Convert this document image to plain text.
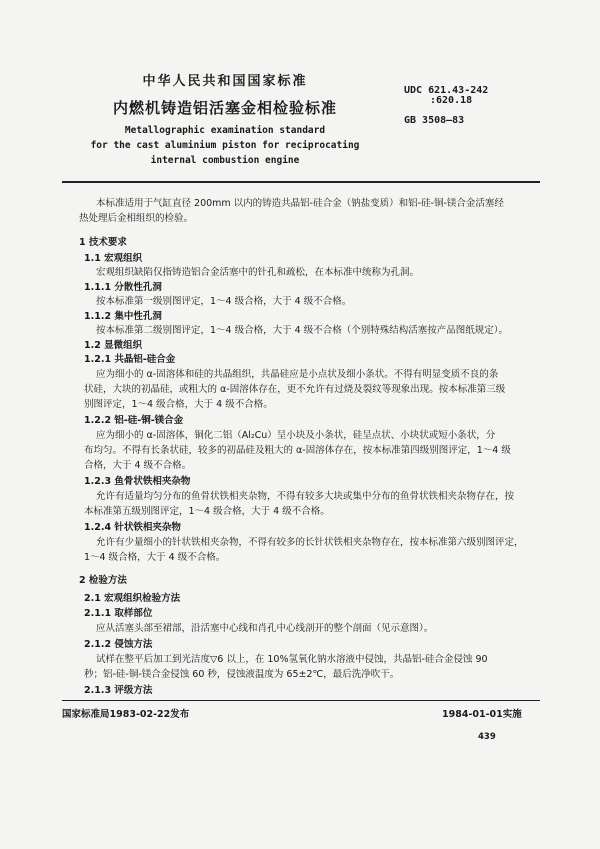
中华人民共和国国家标准
内燃机铸造铝活塞金相检验标准
Metallographic examination standard
for the cast aluminium piston for reciprocating
internal combustion engine
UDC 621.43-242
:620.18
GB 3508—83
本标准适用于气缸直径 200mm 以内的铸造共晶铝-硅合金（钠盐变质）和铝-硅-铜-镁合金活塞经
热处理后金相组织的检验。
1 技术要求
1.1 宏观组织
宏观组织缺陷仅指铸造铝合金活塞中的针孔和疏松，在本标准中统称为孔洞。
1.1.1 分散性孔洞
按本标准第一级别图评定，1～4 级合格，大于 4 级不合格。
1.1.2 集中性孔洞
按本标准第二级别图评定，1～4 级合格，大于 4 级不合格（个别特殊结构活塞按产品图纸规定）。
1.2 显微组织
1.2.1 共晶铝-硅合金
应为细小的 α-固溶体和硅的共晶组织，共晶硅应是小点状及细小条状。不得有明显变质不良的条
状硅，大块的初晶硅，或粗大的 α-固溶体存在，更不允许有过烧及裂纹等现象出现。按本标准第三级
别图评定，1～4 级合格，大于 4 级不合格。
1.2.2 铝-硅-铜-镁合金
应为细小的 α-固溶体，铜化二铝（Al₂Cu）呈小块及小条状，硅呈点状、小块状或短小条状，分
布均匀。不得有长条状硅，较多的初晶硅及粗大的 α-固溶体存在，按本标准第四级别图评定，1～4 级
合格，大于 4 级不合格。
1.2.3 鱼骨状铁相夹杂物
允许有适量均匀分布的鱼骨状铁相夹杂物，不得有较多大块或集中分布的鱼骨状铁相夹杂物存在，按
本标准第五级别图评定，1～4 级合格，大于 4 级不合格。
1.2.4 针状铁相夹杂物
允许有少量细小的针状铁相夹杂物，不得有较多的长针状铁相夹杂物存在，按本标准第六级别图评定，
1～4 级合格，大于 4 级不合格。
2 检验方法
2.1 宏观组织检验方法
2.1.1 取样部位
应从活塞头部至裙部，沿活塞中心线和肖孔中心线剖开的整个剖面（见示意图）。
2.1.2 侵蚀方法
试样在整平后加工到光洁度▽6 以上，在 10%氢氧化钠水溶液中侵蚀，共晶铝-硅合金侵蚀 90
秒；铝-硅-铜-镁合金侵蚀 60 秒，侵蚀液温度为 65±2℃，最后洗净吹干。
2.1.3 评级方法
国家标准局1983-02-22发布	1984-01-01实施
439
